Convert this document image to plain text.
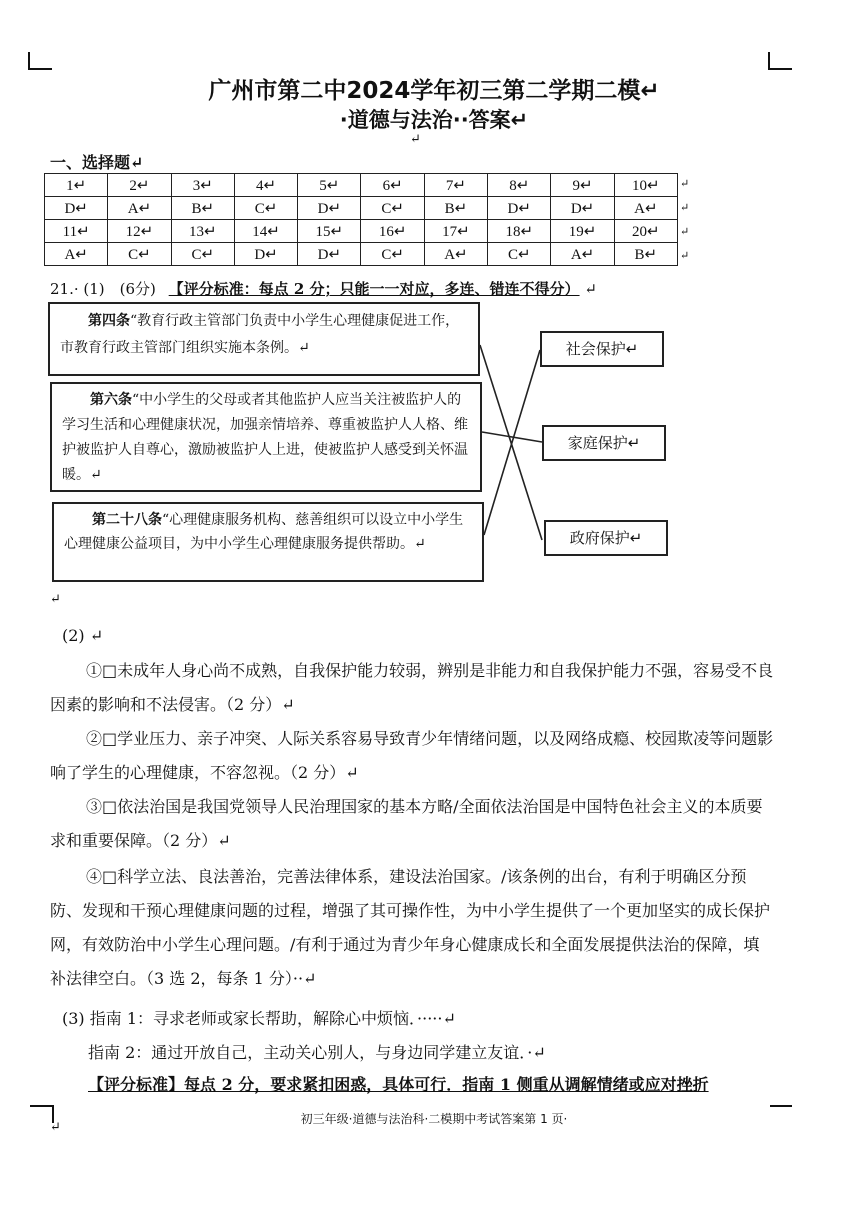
广州市第二中2024学年初三第二学期二模↵
·道德与法治··答案↵
↵
一、选择题↵
1↵	2↵	3↵	4↵	5↵	6↵	7↵	8↵	9↵	10↵
D↵	A↵	B↵	C↵	D↵	C↵	B↵	D↵	D↵	A↵
11↵	12↵	13↵	14↵	15↵	16↵	17↵	18↵	19↵	20↵
A↵	C↵	C↵	D↵	D↵	C↵	A↵	C↵	A↵	B↵
↵
↵
↵
↵
21.· (1)　(6分) 【评分标准：每点 2 分；只能一一对应，多连、错连不得分） ↵
第四条“教育行政主管部门负责中小学生心理健康促进工作，市教育行政主管部门组织实施本条例。↵
第六条“中小学生的父母或者其他监护人应当关注被监护人的学习生活和心理健康状况，加强亲情培养、尊重被监护人人格、维护被监护人自尊心，激励被监护人上进，使被监护人感受到关怀温暖。↵
第二十八条“心理健康服务机构、慈善组织可以设立中小学生心理健康公益项目，为中小学生心理健康服务提供帮助。↵
社会保护↵
家庭保护↵
政府保护↵
↵
(2) ↵
①□未成年人身心尚不成熟，自我保护能力较弱，辨别是非能力和自我保护能力不强，容易受不良因素的影响和不法侵害。（2 分）↵
②□学业压力、亲子冲突、人际关系容易导致青少年情绪问题，以及网络成瘾、校园欺凌等问题影响了学生的心理健康，不容忽视。（2 分）↵
③□依法治国是我国党领导人民治理国家的基本方略/全面依法治国是中国特色社会主义的本质要求和重要保障。（2 分）↵
④□科学立法、良法善治，完善法律体系，建设法治国家。/该条例的出台，有利于明确区分预防、发现和干预心理健康问题的过程，增强了其可操作性，为中小学生提供了一个更加坚实的成长保护网，有效防治中小学生心理问题。/有利于通过为青少年身心健康成长和全面发展提供法治的保障，填补法律空白。（3 选 2，每条 1 分）··↵
(3) 指南 1：寻求老师或家长帮助，解除心中烦恼．·····↵
指南 2：通过开放自己，主动关心别人，与身边同学建立友谊．·↵
【评分标准】每点 2 分，要求紧扣困惑，具体可行．指南 1 侧重从调解情绪或应对挫折
初三年级·道德与法治科·二模期中考试答案第 1 页·
↵
